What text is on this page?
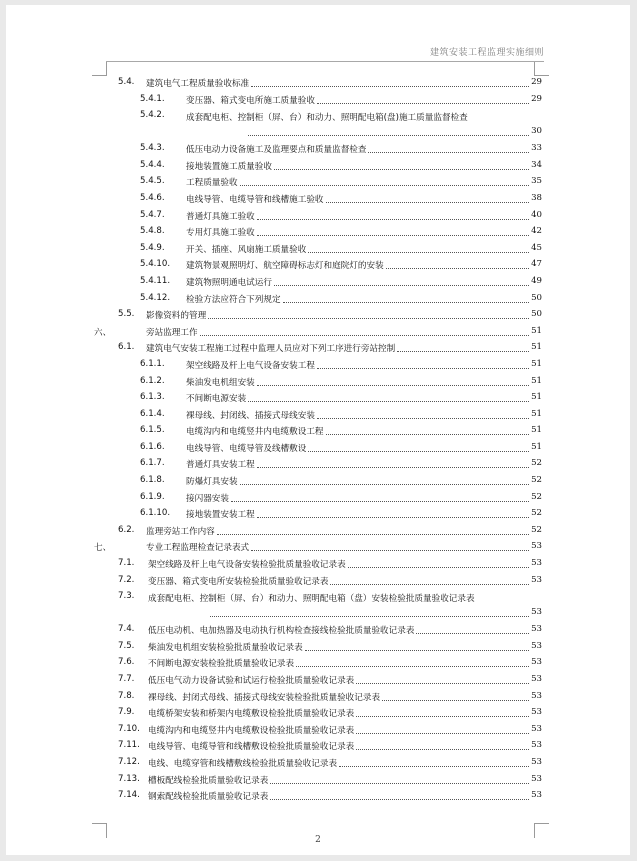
建筑安装工程监理实施细则
5.4. 建筑电气工程质量验收标准	29
5.4.1. 变压器、箱式变电所施工质量验收	29
5.4.2. 成套配电柜、控制柜（屏、台）和动力、照明配电箱(盘)施工质量监督检查
30
5.4.3. 低压电动力设备施工及监理要点和质量监督检查	33
5.4.4. 接地装置施工质量验收	34
5.4.5. 工程质量验收	35
5.4.6. 电线导管、电缆导管和线槽施工验收	38
5.4.7. 普通灯具施工验收	40
5.4.8. 专用灯具施工验收	42
5.4.9. 开关、插座、风扇施工质量验收	45
5.4.10. 建筑物景观照明灯、航空障碍标志灯和庭院灯的安装	47
5.4.11. 建筑物照明通电试运行	49
5.4.12. 检验方法应符合下列规定	50
5.5. 影像资料的管理	50
六、	旁站监理工作	51
6.1. 建筑电气安装工程施工过程中监理人员应对下列工序进行旁站控制	51
6.1.1. 架空线路及杆上电气设备安装工程	51
6.1.2. 柴油发电机组安装	51
6.1.3. 不间断电源安装	51
6.1.4. 裸母线、封闭线、插接式母线安装	51
6.1.5. 电缆沟内和电缆竖井内电缆敷设工程	51
6.1.6. 电线导管、电缆导管及线槽敷设	51
6.1.7. 普通灯具安装工程	52
6.1.8. 防爆灯具安装	52
6.1.9. 接闪器安装	52
6.1.10. 接地装置安装工程	52
6.2. 监理旁站工作内容	52
七、	专业工程监理检查记录表式	53
7.1. 架空线路及杆上电气设备安装检验批质量验收记录表	53
7.2. 变压器、箱式变电所安装检验批质量验收记录表	53
7.3. 成套配电柜、控制柜（屏、台）和动力、照明配电箱（盘）安装检验批质量验收记录表
53
7.4. 低压电动机、电加热器及电动执行机构检查接线检验批质量验收记录表	53
7.5. 柴油发电机组安装检验批质量验收记录表	53
7.6. 不间断电源安装检验批质量验收记录表	53
7.7. 低压电气动力设备试验和试运行检验批质量验收记录表	53
7.8. 裸母线、封闭式母线、插接式母线安装检验批质量验收记录表	53
7.9. 电缆桥架安装和桥架内电缆敷设检验批质量验收记录表	53
7.10. 电缆沟内和电缆竖井内电缆敷设检验批质量验收记录表	53
7.11. 电线导管、电缆导管和线槽敷设检验批质量验收记录表	53
7.12. 电线、电缆穿管和线槽敷线检验批质量验收记录表	53
7.13. 槽板配线检验批质量验收记录表	53
7.14. 钢索配线检验批质量验收记录表	53
2
